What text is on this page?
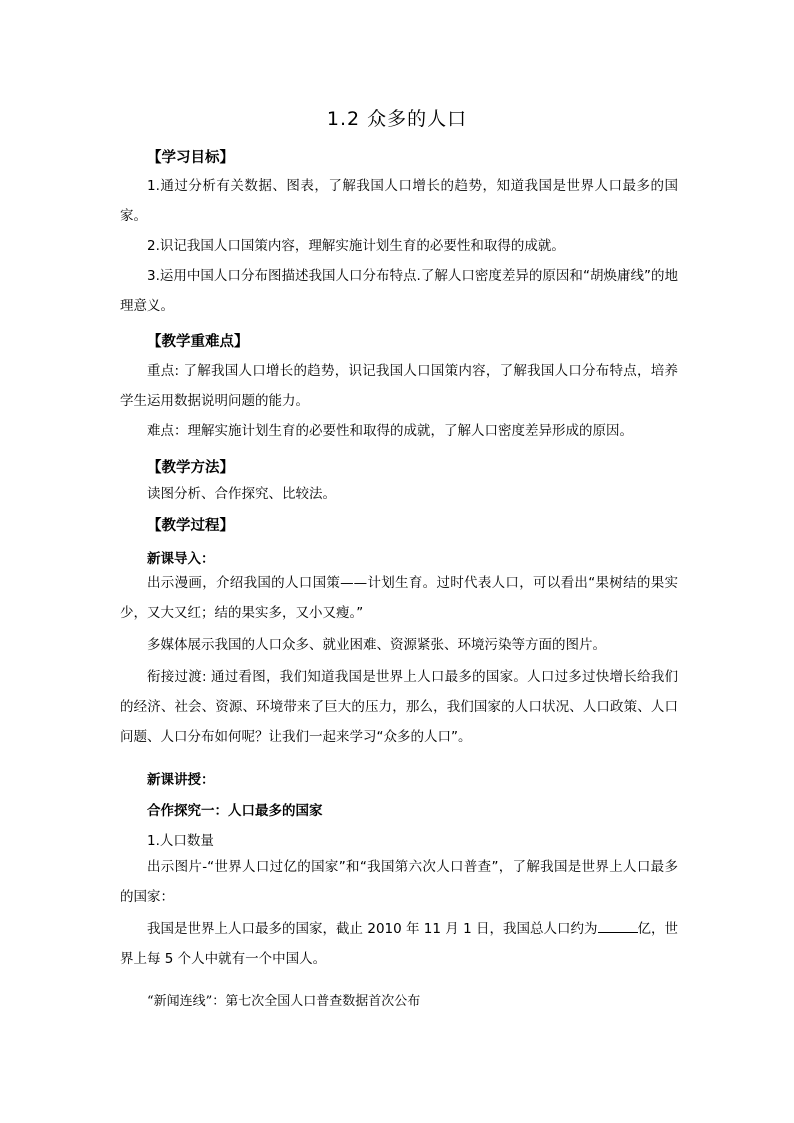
1.2 众多的人口
【学习目标】

1.通过分析有关数据、图表，了解我国人口增长的趋势，知道我国是世界人口最多的国家。

2.识记我国人口国策内容，理解实施计划生育的必要性和取得的成就。

3.运用中国人口分布图描述我国人口分布特点.了解人口密度差异的原因和“胡焕庸线”的地理意义。

【教学重难点】

重点: 了解我国人口增长的趋势，识记我国人口国策内容，了解我国人口分布特点，培养学生运用数据说明问题的能力。

难点：理解实施计划生育的必要性和取得的成就，了解人口密度差异形成的原因。

【教学方法】
读图分析、合作探究、比较法。
【教学过程】
新课导入：

出示漫画，介绍我国的人口国策——计划生育。过时代表人口，可以看出“果树结的果实少，又大又红；结的果实多，又小又瘦。”

多媒体展示我国的人口众多、就业困难、资源紧张、环境污染等方面的图片。

衔接过渡: 通过看图，我们知道我国是世界上人口最多的国家。人口过多过快增长给我们的经济、社会、资源、环境带来了巨大的压力，那么，我们国家的人口状况、人口政策、人口问题、人口分布如何呢？让我们一起来学习“众多的人口”。

新课讲授：
合作探究一：人口最多的国家
1.人口数量

出示图片-“世界人口过亿的国家”和“我国第六次人口普查”，了解我国是世界上人口最多的国家：

我国是世界上人口最多的国家，截止 2010 年 11 月 1 日，我国总人口约为	亿，世界上每 5 个人中就有一个中国人。

“新闻连线”：第七次全国人口普查数据首次公布
